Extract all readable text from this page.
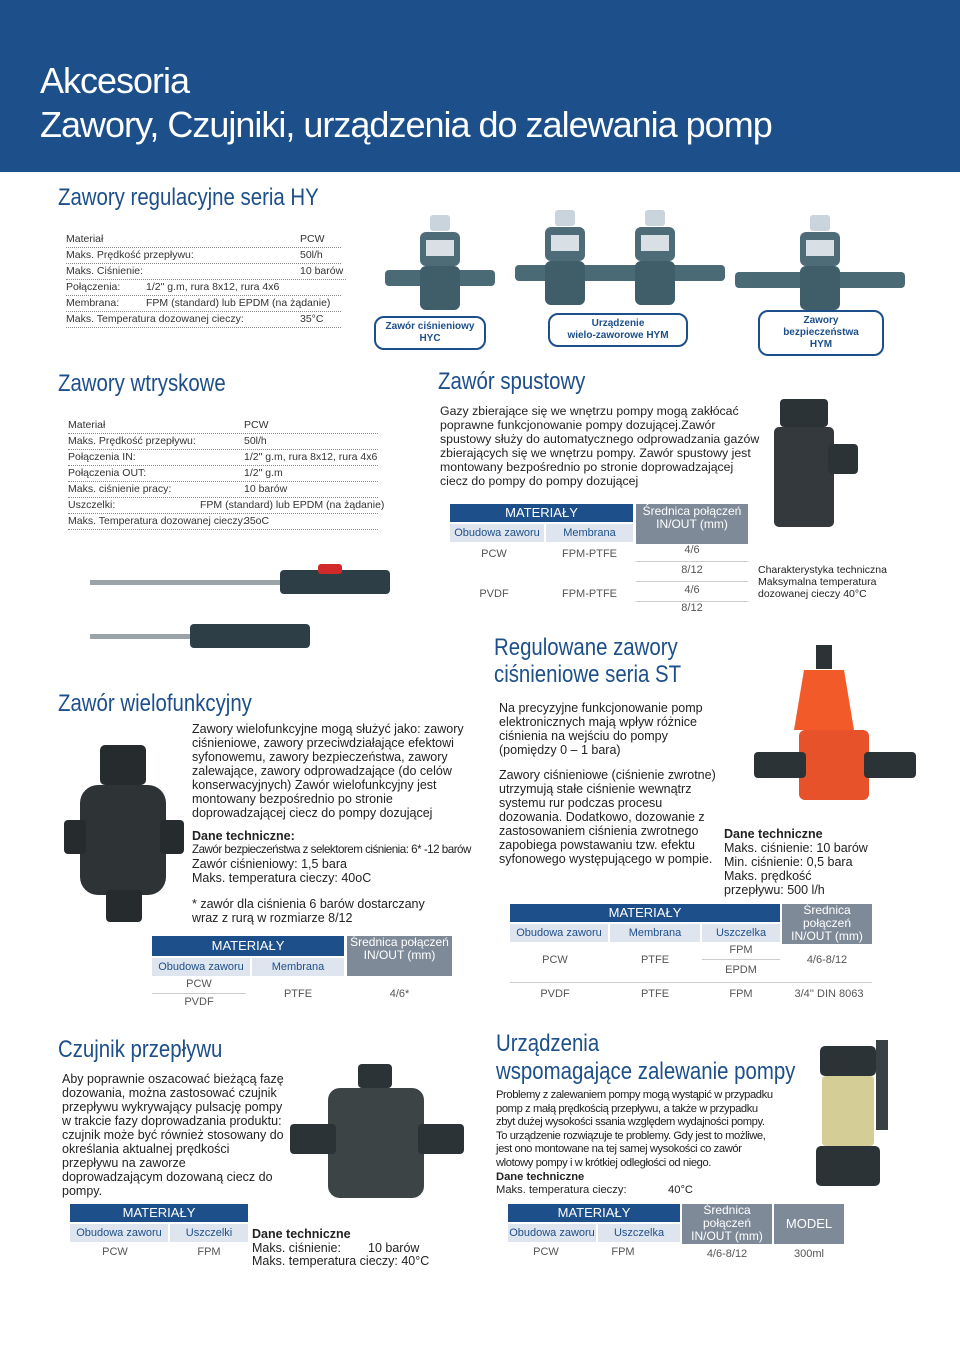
Akcesoria
Zawory, Czujniki, urządzenia do zalewania pomp
Zawory regulacyjne seria HY
Materiał	PCW
Maks. Prędkość przepływu:	50l/h
Maks. Ciśnienie:	10 barów
Połączenia: 1/2" g.m, rura 8x12, rura 4x6
Membrana:	FPM (standard) lub EPDM (na żądanie)
Maks. Temperatura dozowanej cieczy:	35°C
Zawór ciśnieniowy
HYC
Urządzenie
wielo-zaworowe HYM
Zawory
bezpieczeństwa
HYM
Zawory wtryskowe
Materiał	PCW
Maks. Prędkość przepływu:	50l/h
Połączenia IN:	1/2" g.m, rura 8x12, rura 4x6
Połączenia OUT:	1/2" g.m
Maks. ciśnienie pracy:	10 barów
Uszczelki:	FPM (standard) lub EPDM (na żądanie)
Maks. Temperatura dozowanej cieczy:
35oC
Zawór spustowy
Gazy zbierające się we wnętrzu pompy mogą zakłócać poprawne funkcjonowanie pompy dozującej.Zawór spustowy służy do automatycznego odprowadzania gazów zbierających się we wnętrzu pompy. Zawór spustowy jest montowany bezpośrednio po stronie doprowadzającej ciecz do pompy do pompy dozującej
MATERIAŁY
Obudowa zaworu	Membrana
Średnica połączeń IN/OUT (mm)
PCW	FPM-PTFE	4/6
8/12
PVDF	FPM-PTFE	4/6
8/12
Charakterystyka techniczna Maksymalna temperatura dozowanej cieczy 40°C
Zawór wielofunkcyjny
Zawory wielofunkcyjne mogą służyć jako: zawory ciśnieniowe, zawory przeciwdziałające efektowi syfonowemu, zawory bezpieczeństwa, zawory zalewające, zawory odprowadzające (do celów konserwacyjnych) Zawór wielofunkcyjny jest montowany bezpośrednio po stronie doprowadzającej ciecz do pompy dozującej
Dane techniczne:
Zawór bezpieczeństwa z selektorem ciśnienia: 6* -12 barów
Zawór ciśnieniowy: 1,5 bara
Maks. temperatura cieczy: 40oC
* zawór dla ciśnienia 6 barów dostarczany wraz z rurą w rozmiarze 8/12
MATERIAŁY
Obudowa zaworu	Membrana
Średnica połączeń IN/OUT (mm)
PCW
PVDF
PTFE	4/6*
Regulowane zawory
ciśnieniowe seria ST
Na precyzyjne funkcjonowanie pomp elektronicznych mają wpływ różnice ciśnienia na wejściu do pompy (pomiędzy 0 – 1 bara)
Zawory ciśnieniowe (ciśnienie zwrotne) utrzymują stałe ciśnienie wewnątrz systemu rur podczas procesu dozowania. Dodatkowo, dozowanie z zastosowaniem ciśnienia zwrotnego zapobiega powstawaniu tzw. efektu syfonowego występującego w pompie.
Dane techniczne
Maks. ciśnienie: 10 barów
Min. ciśnienie: 0,5 bara
Maks. prędkość
przepływu: 500 l/h
MATERIAŁY
Obudowa zaworu	Membrana	Uszczelka
Średnica połączeń IN/OUT (mm)
PCW	PTFE
FPM
EPDM
4/6-8/12
PVDF	PTFE	FPM	3/4'' DIN 8063
Czujnik przepływu
Aby poprawnie oszacować bieżącą fazę dozowania, można zastosować czujnik przepływu wykrywający pulsację pompy w trakcie fazy doprowadzania produktu: czujnik może być również stosowany do określania aktualnej prędkości przepływu na zaworze doprowadzającym dozowaną ciecz do pompy.
MATERIAŁY
Obudowa zaworu	Uszczelki
PCW	FPM
Dane techniczne
Maks. ciśnienie: 10 barów
Maks. temperatura cieczy: 40°C
Urządzenia
wspomagające zalewanie pompy
Problemy z zalewaniem pompy mogą wystąpić w przypadku pomp z małą prędkością przepływu, a także w przypadku zbyt dużej wysokości ssania względem wydajności pompy. To urządzenie rozwiązuje te problemy. Gdy jest to możliwe, jest ono montowane na tej samej wysokości co zawór wlotowy pompy i w krótkiej odległości od niego.
Dane techniczne
Maks. temperatura cieczy:	40°C
MATERIAŁY
Obudowa zaworu	Uszczelka
Średnica połączeń IN/OUT (mm)
MODEL
PCW	FPM	4/6-8/12	300ml
